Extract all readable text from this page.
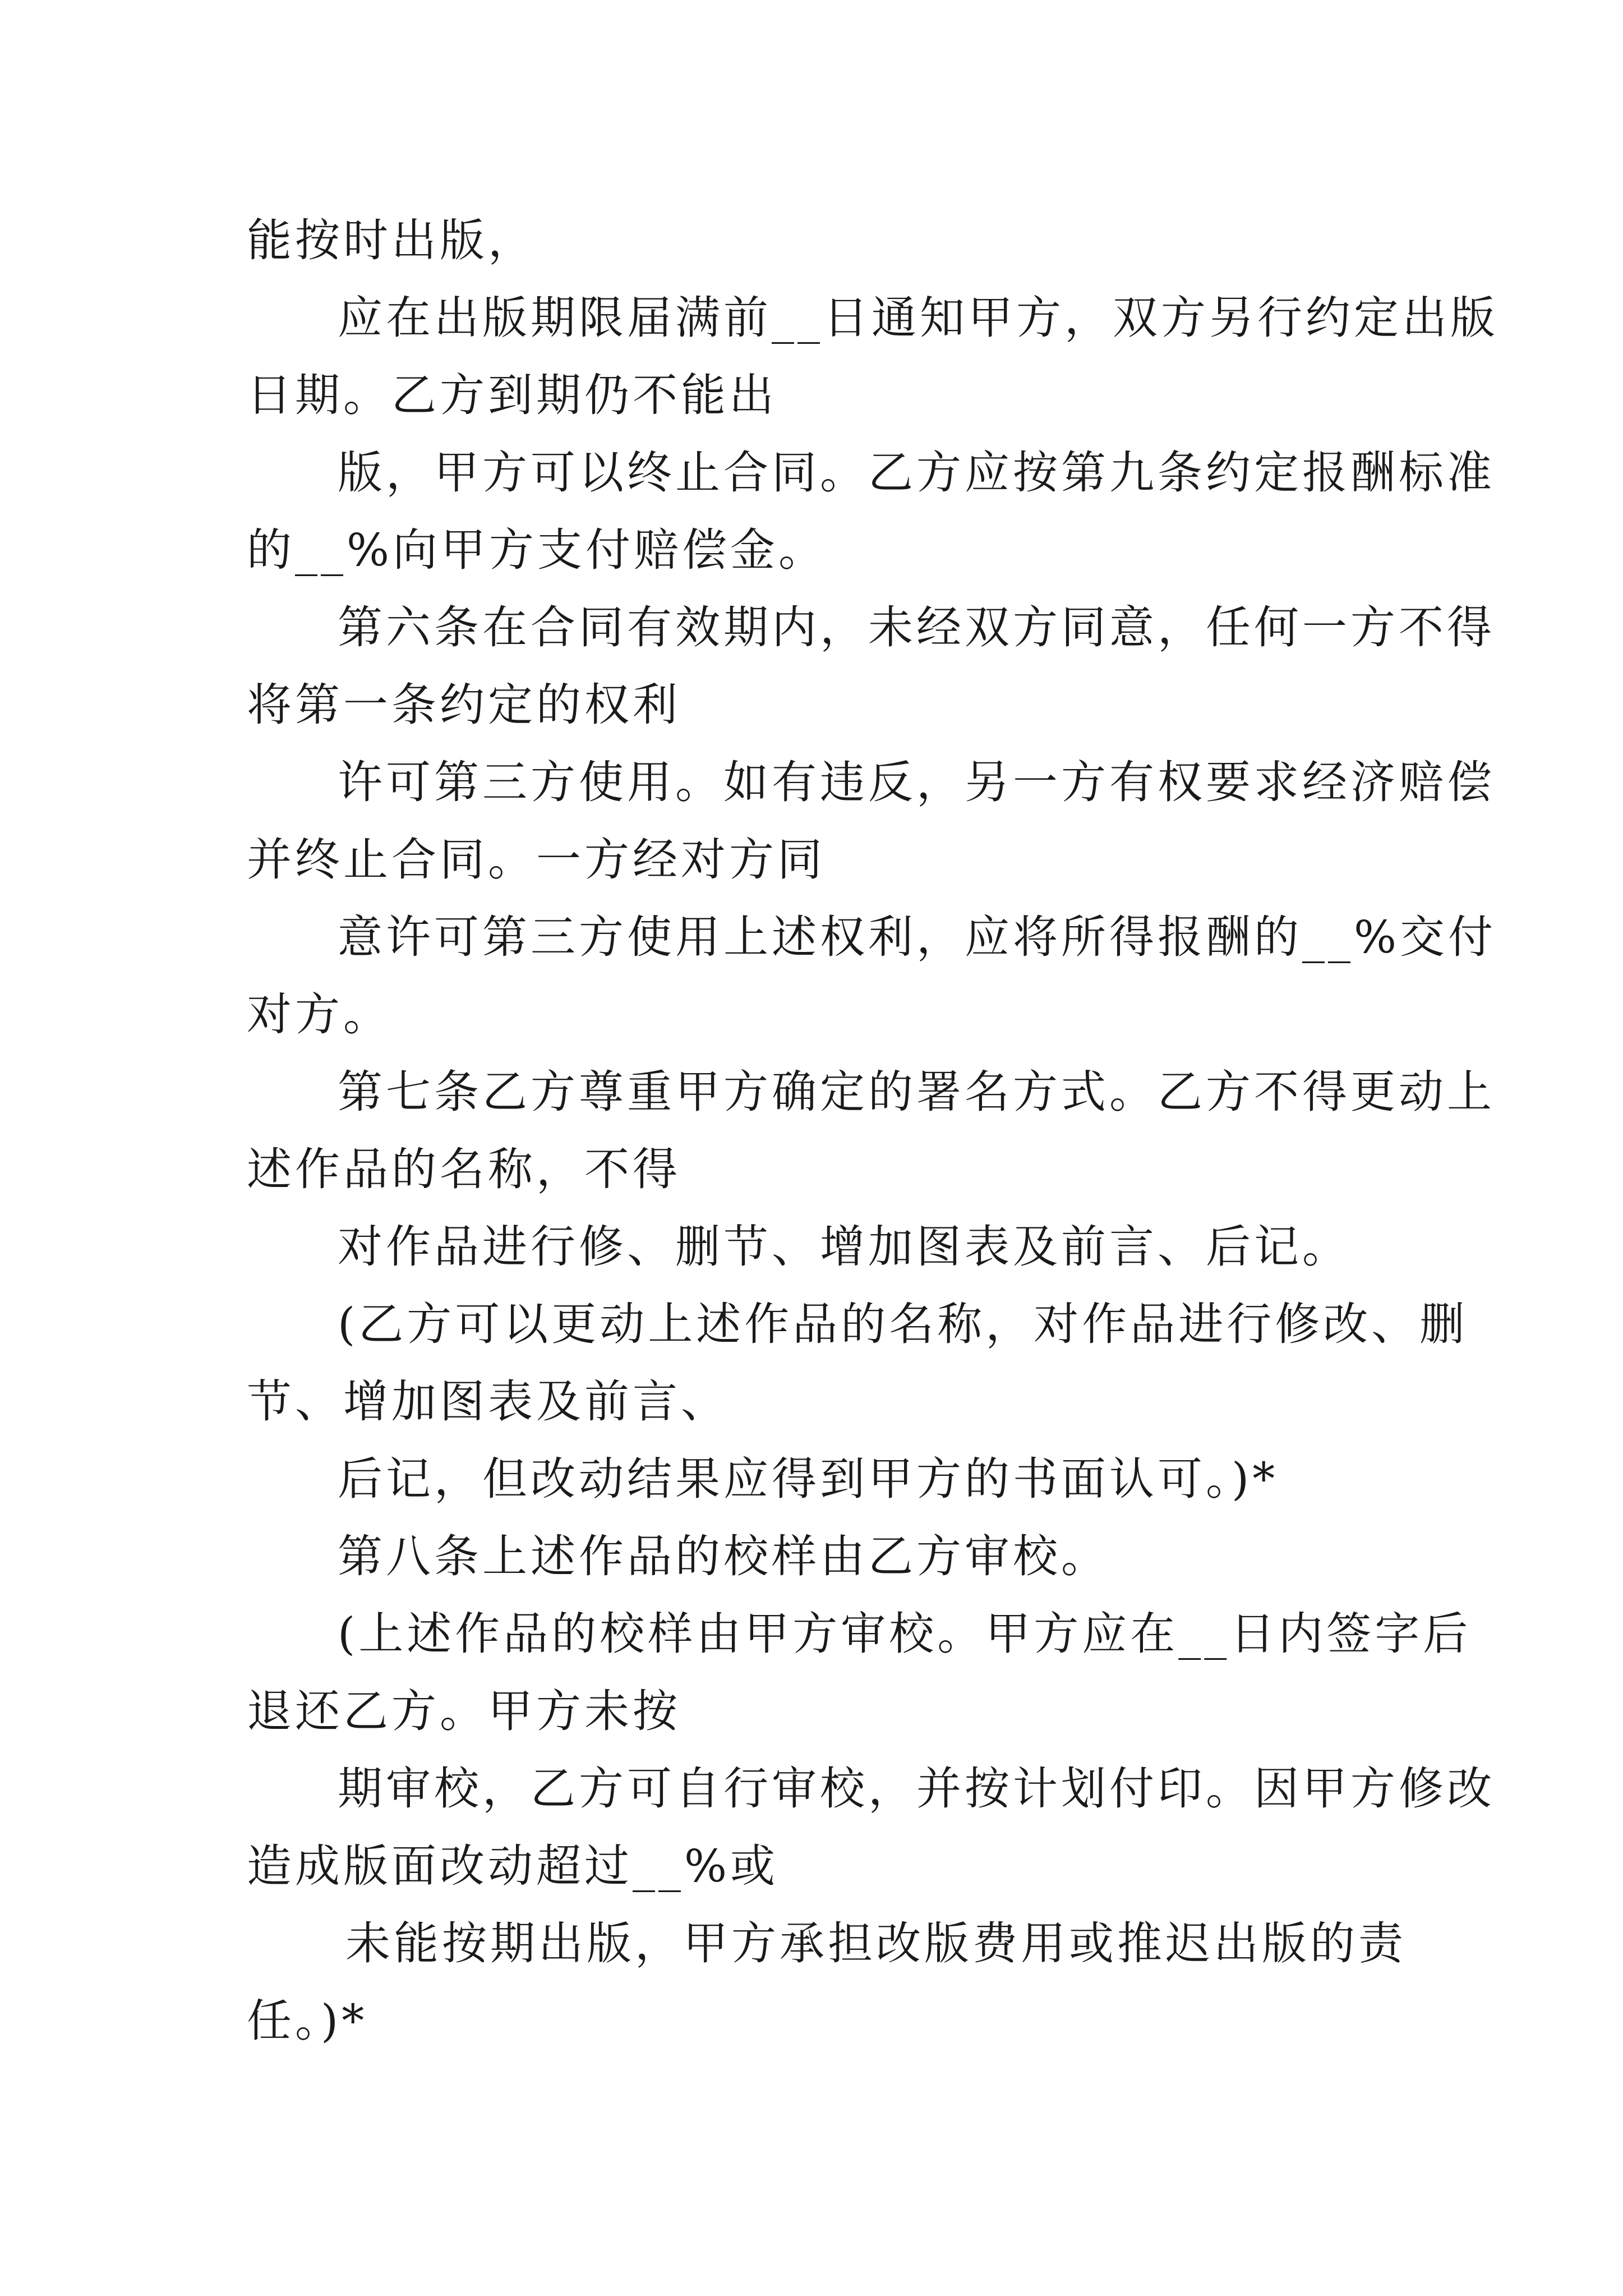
能按时出版，

应在出版期限届满前__日通知甲方，双方另行约定出版

日期。乙方到期仍不能出

版，甲方可以终止合同。乙方应按第九条约定报酬标准

的__%向甲方支付赔偿金。

第六条在合同有效期内，未经双方同意，任何一方不得

将第一条约定的权利

许可第三方使用。如有违反，另一方有权要求经济赔偿

并终止合同。一方经对方同

意许可第三方使用上述权利，应将所得报酬的__%交付

对方。

第七条乙方尊重甲方确定的署名方式。乙方不得更动上

述作品的名称，不得

对作品进行修、删节、增加图表及前言、后记。

(乙方可以更动上述作品的名称，对作品进行修改、删

节、增加图表及前言、

后记，但改动结果应得到甲方的书面认可。)*

第八条上述作品的校样由乙方审校。

(上述作品的校样由甲方审校。甲方应在__日内签字后

退还乙方。甲方未按

期审校，乙方可自行审校，并按计划付印。因甲方修改

造成版面改动超过__%或

未能按期出版，甲方承担改版费用或推迟出版的责

任。)*
